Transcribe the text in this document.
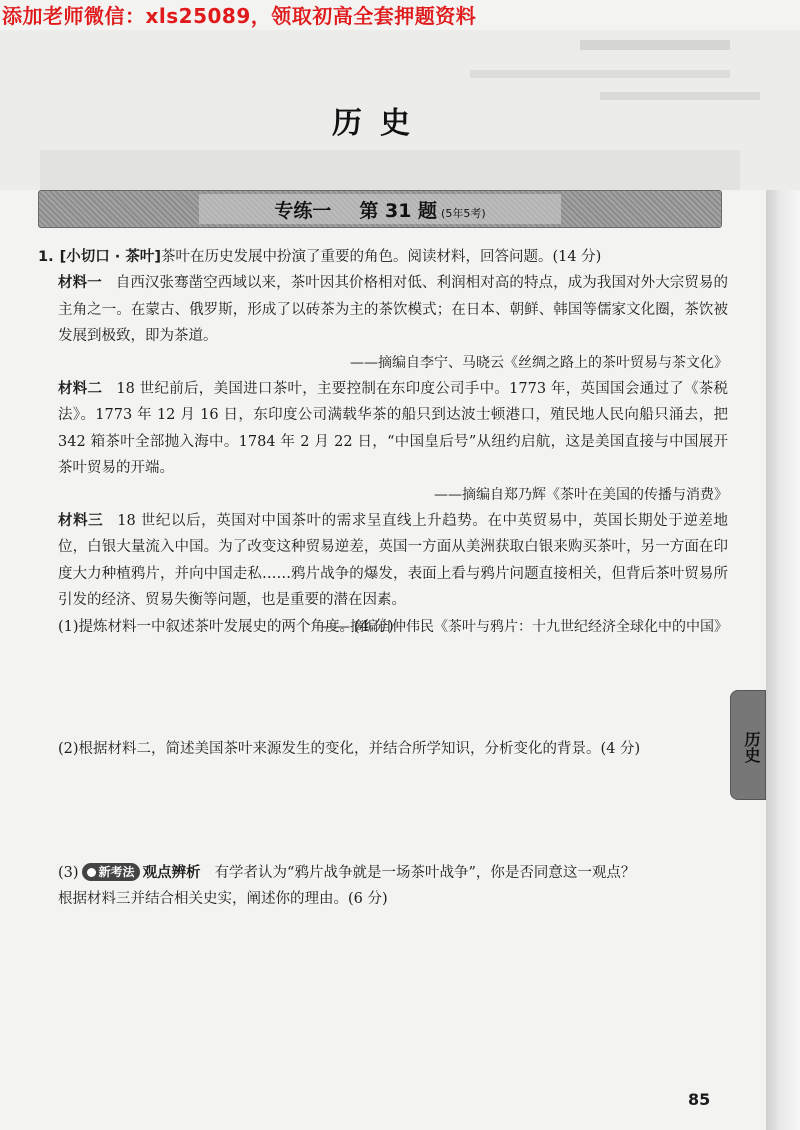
添加老师微信：xls25089，领取初高全套押题资料
历史
专练一 第 31 题 (5年5考)
历史
1. [小切口 · 茶叶]茶叶在历史发展中扮演了重要的角色。阅读材料，回答问题。(14 分)
材料一 自西汉张骞凿空西域以来，茶叶因其价格相对低、利润相对高的特点，成为我国对外大宗贸易的主角之一。在蒙古、俄罗斯，形成了以砖茶为主的茶饮模式；在日本、朝鲜、韩国等儒家文化圈，茶饮被发展到极致，即为茶道。
——摘编自李宁、马晓云《丝绸之路上的茶叶贸易与茶文化》
材料二 18 世纪前后，美国进口茶叶，主要控制在东印度公司手中。1773 年，英国国会通过了《茶税法》。1773 年 12 月 16 日，东印度公司满载华茶的船只到达波士顿港口，殖民地人民向船只涌去，把 342 箱茶叶全部抛入海中。1784 年 2 月 22 日，“中国皇后号”从纽约启航，这是美国直接与中国展开茶叶贸易的开端。
——摘编自郑乃辉《茶叶在美国的传播与消费》
材料三 18 世纪以后，英国对中国茶叶的需求呈直线上升趋势。在中英贸易中，英国长期处于逆差地位，白银大量流入中国。为了改变这种贸易逆差，英国一方面从美洲获取白银来购买茶叶，另一方面在印度大力种植鸦片，并向中国走私……鸦片战争的爆发，表面上看与鸦片问题直接相关，但背后茶叶贸易所引发的经济、贸易失衡等问题，也是重要的潜在因素。
——摘编自仲伟民《茶叶与鸦片：十九世纪经济全球化中的中国》
(1)提炼材料一中叙述茶叶发展史的两个角度。(4 分)
(2)根据材料二，简述美国茶叶来源发生的变化，并结合所学知识，分析变化的背景。(4 分)
(3) 新考法 观点辨析 有学者认为“鸦片战争就是一场茶叶战争”，你是否同意这一观点？
根据材料三并结合相关史实，阐述你的理由。(6 分)
85
